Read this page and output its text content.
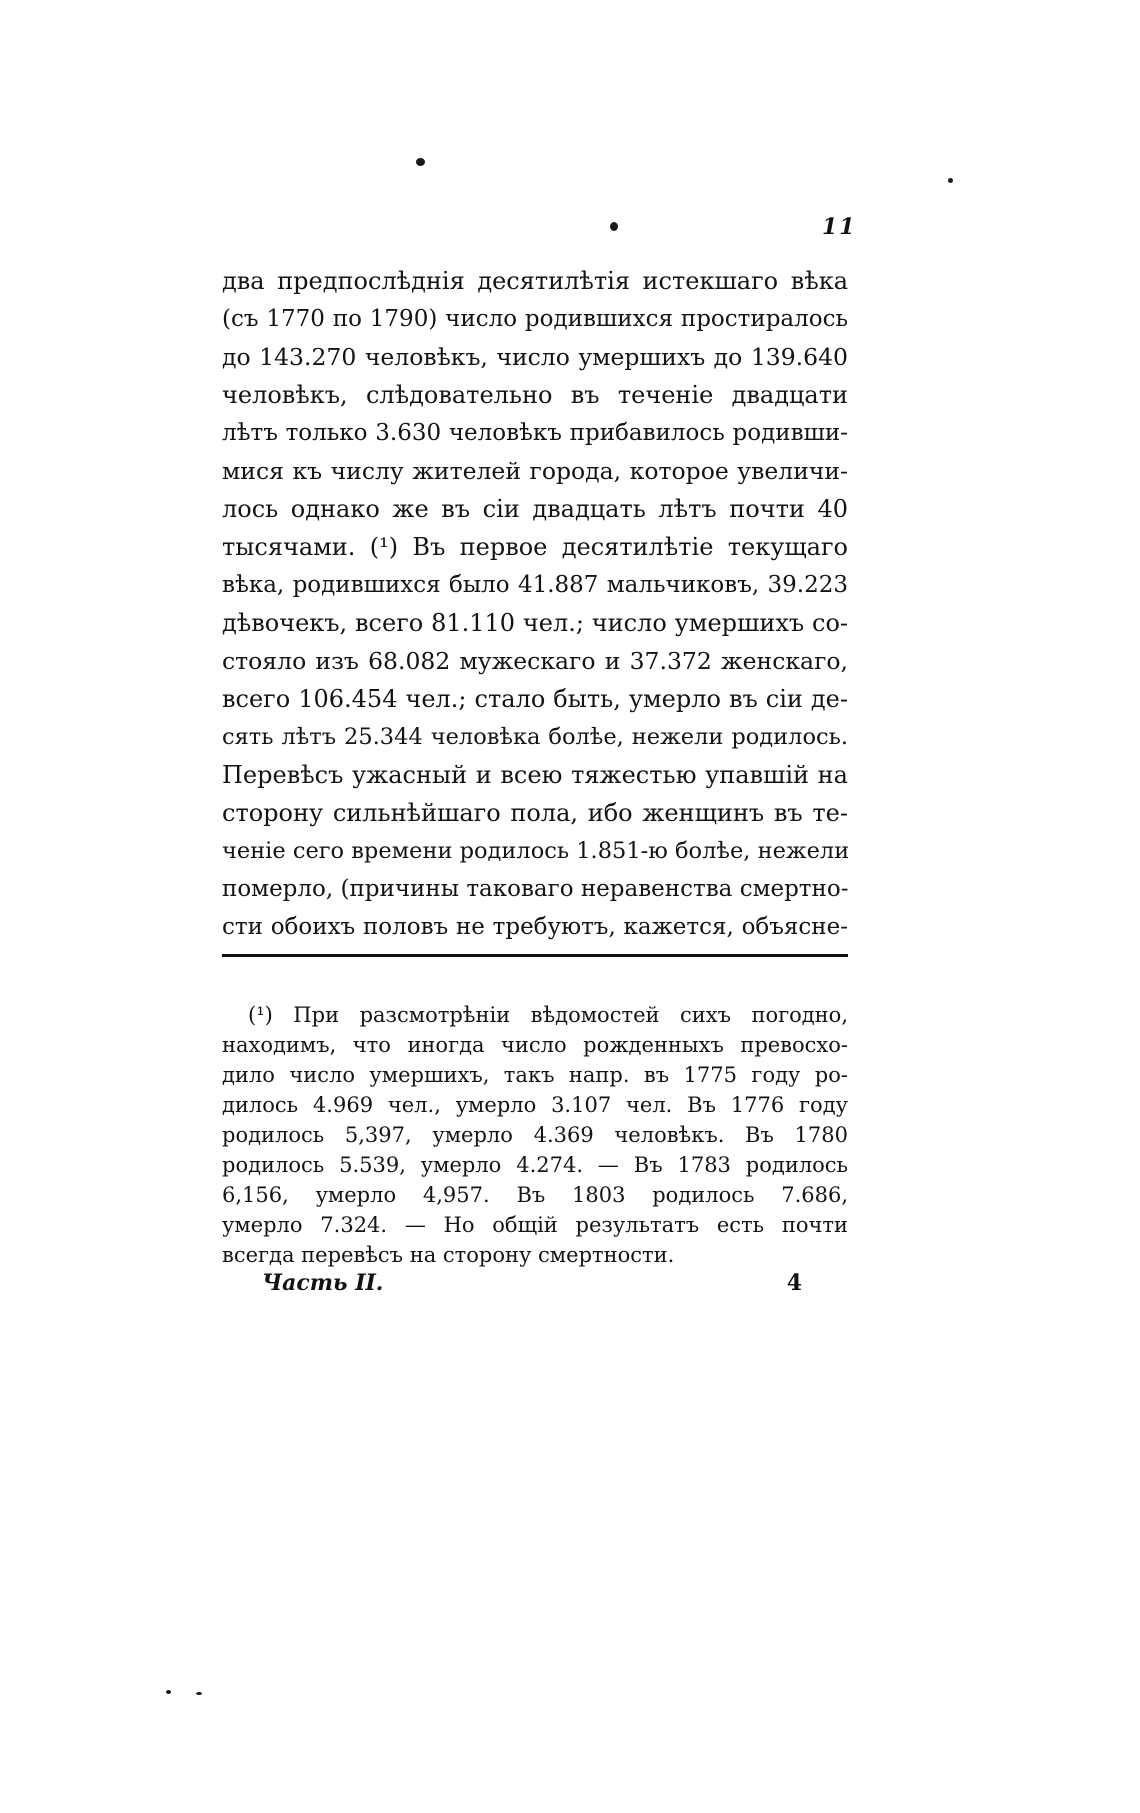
11
два предпослѣднія десятилѣтія истекшаго вѣка
(съ 1770 по 1790) число родившихся простиралось
до 143.270 человѣкъ, число умершихъ до 139.640
человѣкъ, слѣдовательно въ теченіе двадцати
лѣтъ только 3.630 человѣкъ прибавилось родивши-
мися къ числу жителей города, которое увеличи-
лось однако же въ сіи двадцать лѣтъ почти 40
тысячами. (¹) Въ первое десятилѣтіе текущаго
вѣка, родившихся было 41.887 мальчиковъ, 39.223
дѣвочекъ, всего 81.110 чел.; число умершихъ со-
стояло изъ 68.082 мужескаго и 37.372 женскаго,
всего 106.454 чел.; стало быть, умерло въ сіи де-
сять лѣтъ 25.344 человѣка болѣе, нежели родилось.
Перевѣсъ ужасный и всею тяжестью упавшій на
сторону сильнѣйшаго пола, ибо женщинъ въ те-
ченіе сего времени родилось 1.851-ю болѣе, нежели
померло, (причины таковаго неравенства смертно-
сти обоихъ половъ не требуютъ, кажется, объясне-
(¹) При разсмотрѣніи вѣдомостей сихъ погодно,
находимъ, что иногда число рожденныхъ превосхо-
дило число умершихъ, такъ напр. въ 1775 году ро-
дилось 4.969 чел., умерло 3.107 чел. Въ 1776 году
родилось 5,397, умерло 4.369 человѣкъ. Въ 1780
родилось 5.539, умерло 4.274. — Въ 1783 родилось
6,156, умерло 4,957. Въ 1803 родилось 7.686,
умерло 7.324. — Но общій результатъ есть почти
всегда перевѣсъ на сторону смертности.
Часть II.	4
